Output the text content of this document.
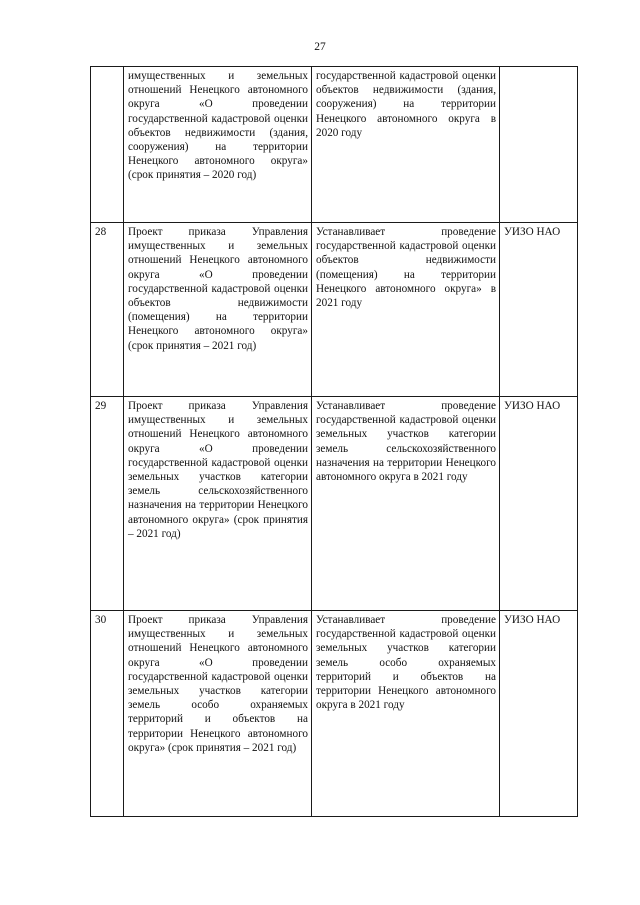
27
	имущественных и земельных отношений Ненецкого автономного округа «О проведении государственной кадастровой оценки объектов недвижимости (здания, сооружения) на территории Ненецкого автономного округа» (срок принятия – 2020 год)	государственной кадастровой оценки объектов недвижимости (здания, сооружения) на территории Ненецкого автономного округа в 2020 году	
28	Проект приказа Управления имущественных и земельных отношений Ненецкого автономного округа «О проведении государственной кадастровой оценки объектов недвижимости (помещения) на территории Ненецкого автономного округа» (срок принятия – 2021 год)	Устанавливает проведение государственной кадастровой оценки объектов недвижимости (помещения) на территории Ненецкого автономного округа» в 2021 году	УИЗО НАО
29	Проект приказа Управления имущественных и земельных отношений Ненецкого автономного округа «О проведении государственной кадастровой оценки земельных участков категории земель сельскохозяйственного назначения на территории Ненецкого автономного округа» (срок принятия – 2021 год)	Устанавливает проведение государственной кадастровой оценки земельных участков категории земель сельскохозяйственного назначения на территории Ненецкого автономного округа в 2021 году	УИЗО НАО
30	Проект приказа Управления имущественных и земельных отношений Ненецкого автономного округа «О проведении государственной кадастровой оценки земельных участков категории земель особо охраняемых территорий и объектов на территории Ненецкого автономного округа» (срок принятия – 2021 год)	Устанавливает проведение государственной кадастровой оценки земельных участков категории земель особо охраняемых территорий и объектов на территории Ненецкого автономного округа в 2021 году	УИЗО НАО
